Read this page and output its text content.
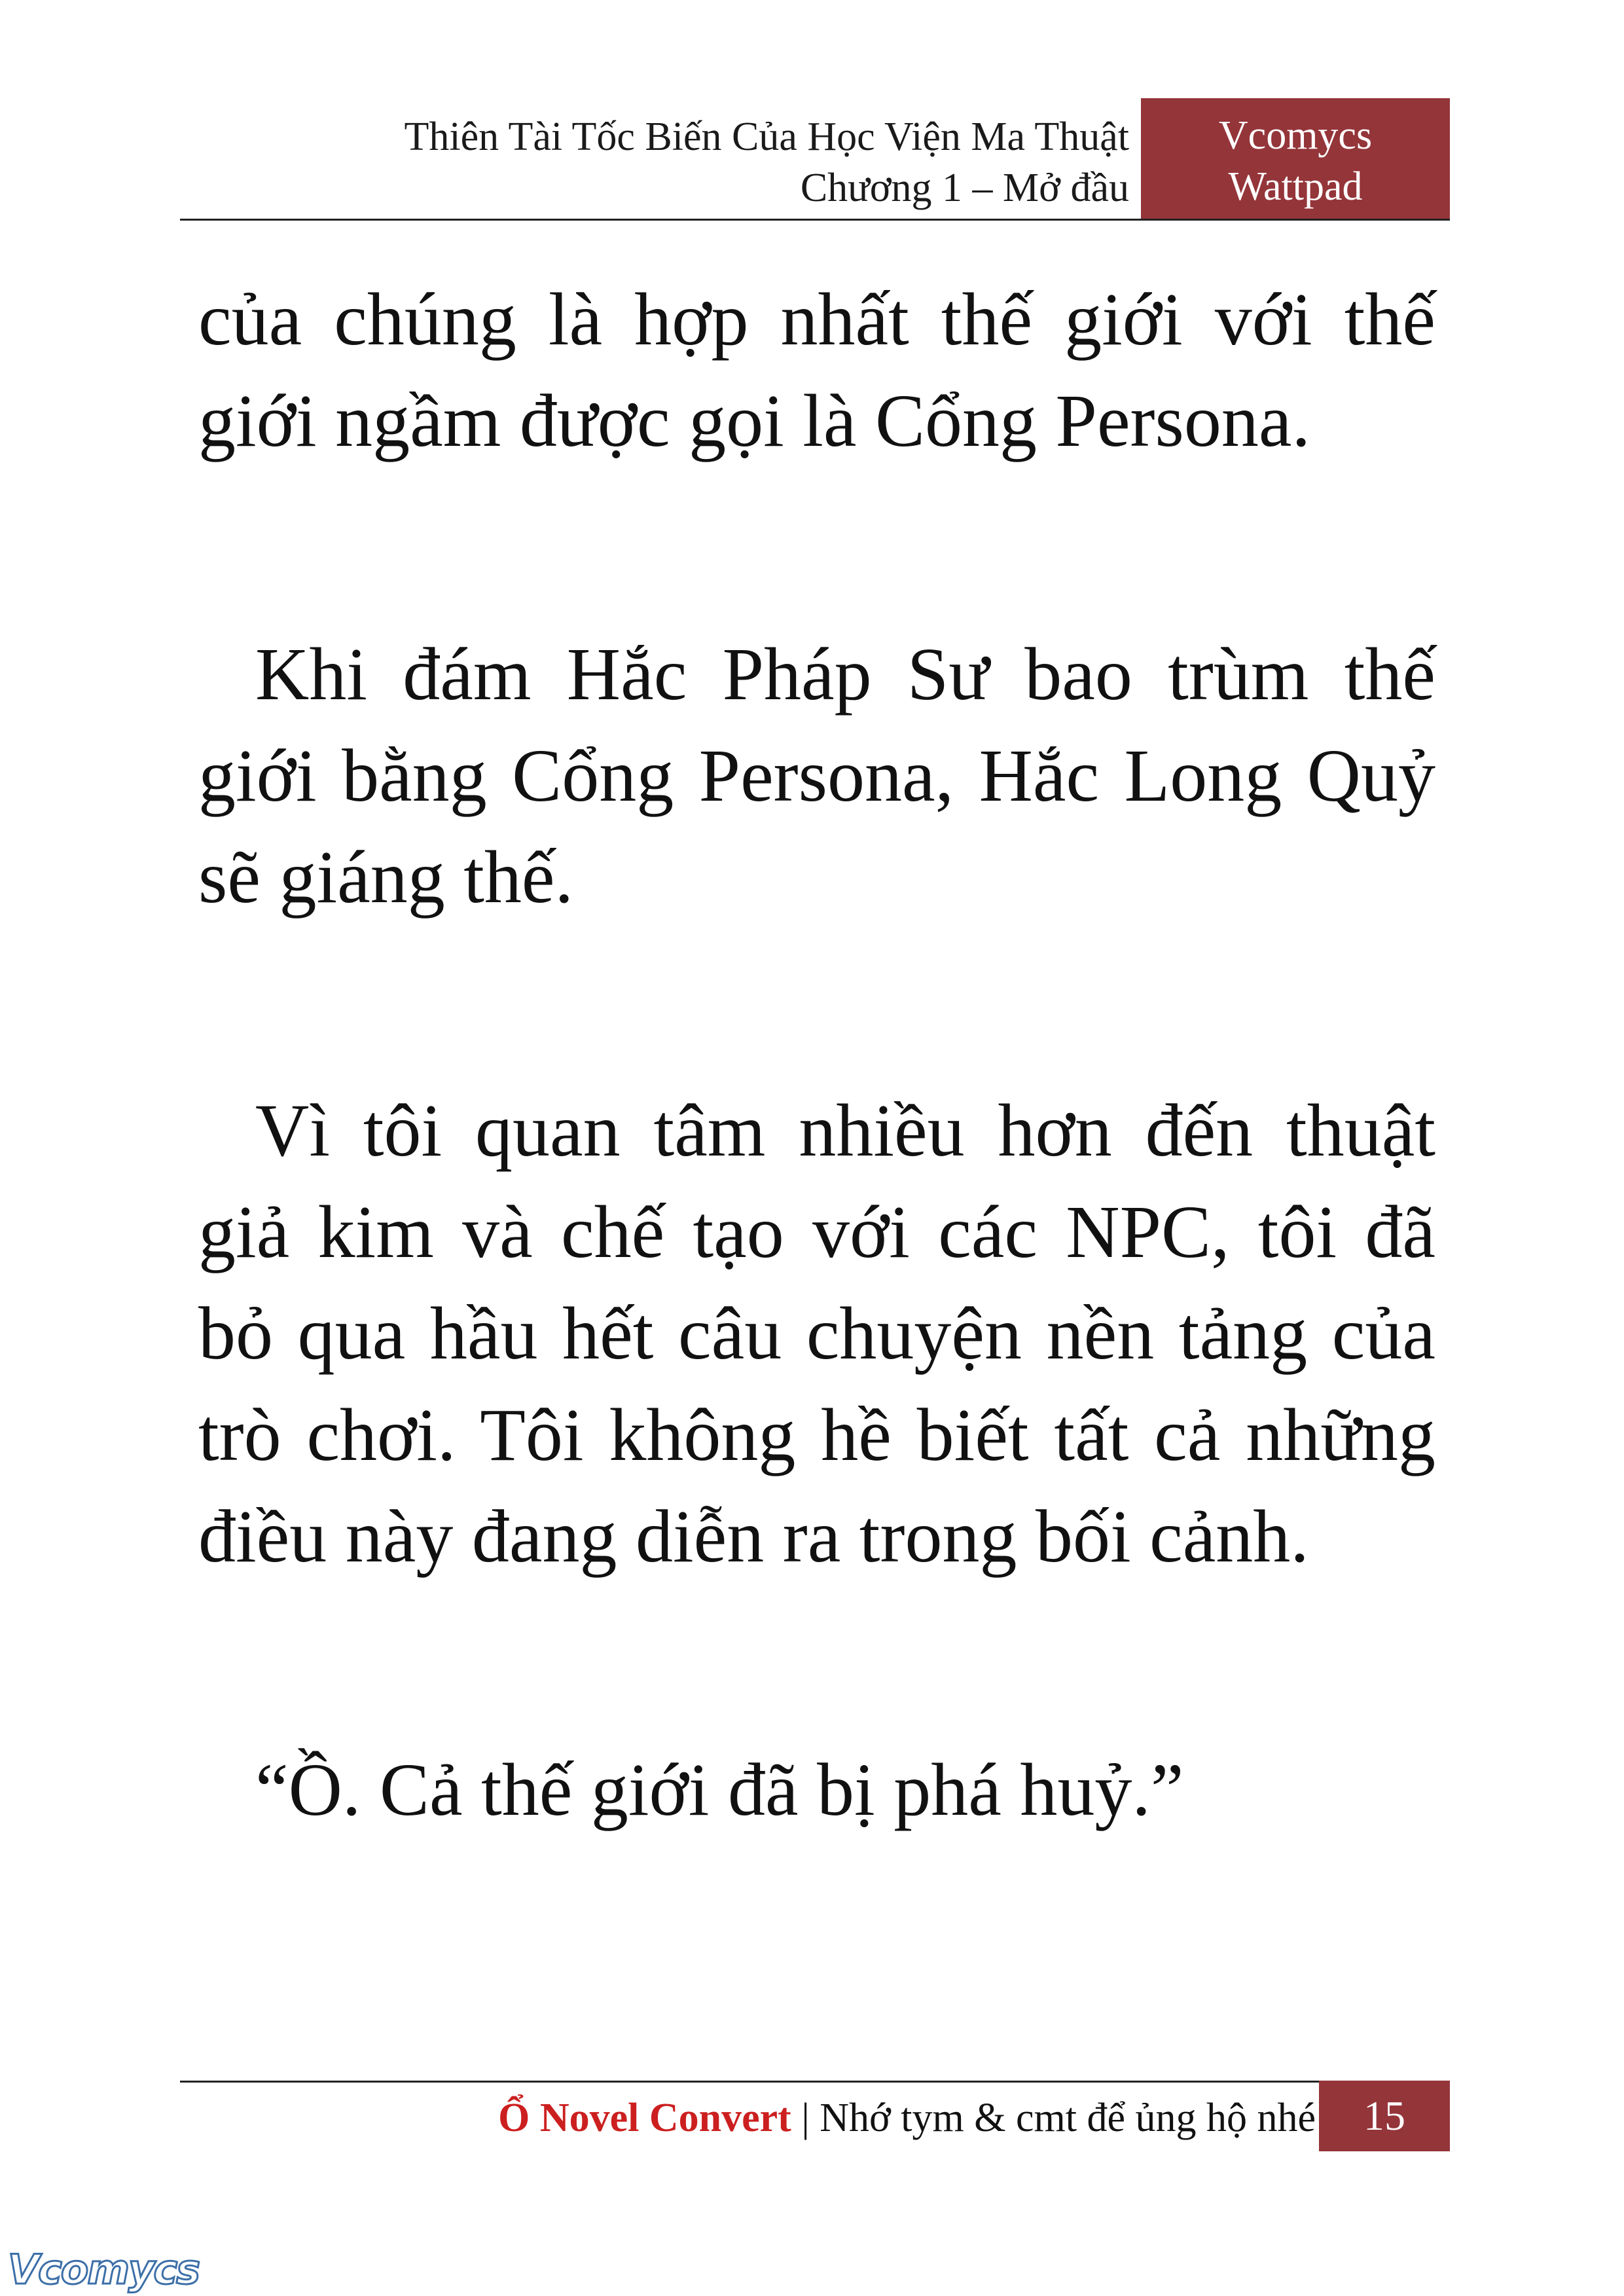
Thiên Tài Tốc Biến Của Học Viện Ma Thuật
Chương 1 – Mở đầu
Vcomycs
Wattpad

của chúng là hợp nhất thế giới với thế giới ngầm được gọi là Cổng Persona.

Khi đám Hắc Pháp Sư bao trùm thế giới bằng Cổng Persona, Hắc Long Quỷ sẽ giáng thế.

Vì tôi quan tâm nhiều hơn đến thuật giả kim và chế tạo với các NPC, tôi đã bỏ qua hầu hết câu chuyện nền tảng của trò chơi. Tôi không hề biết tất cả những điều này đang diễn ra trong bối cảnh.

“Ồ. Cả thế giới đã bị phá huỷ.”

Ổ Novel Convert | Nhớ tym & cmt để ủng hộ nhé	15
Vcomycs
